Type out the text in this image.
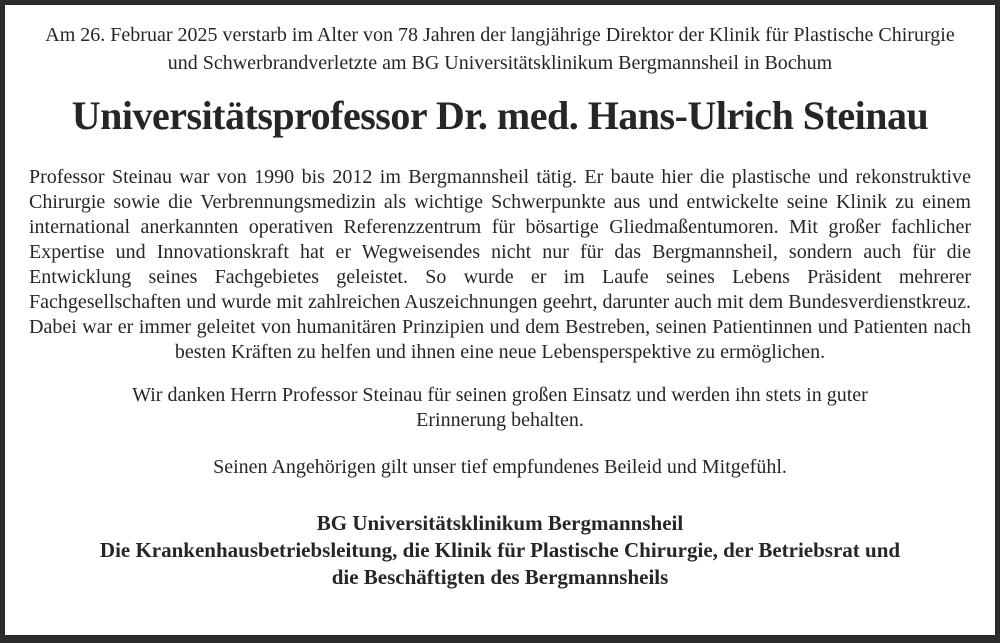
Am 26. Februar 2025 verstarb im Alter von 78 Jahren der langjährige Direktor der Klinik für Plastische Chirurgie und Schwerbrandverletzte am BG Universitätsklinikum Bergmannsheil in Bochum

Universitätsprofessor Dr. med. Hans-Ulrich Steinau

Professor Steinau war von 1990 bis 2012 im Bergmannsheil tätig. Er baute hier die plastische und rekonstruktive Chirurgie sowie die Verbrennungsmedizin als wichtige Schwerpunkte aus und entwickelte seine Klinik zu einem international anerkannten operativen Referenzzentrum für bösartige Gliedmaßentumoren. Mit großer fachlicher Expertise und Innovationskraft hat er Wegweisendes nicht nur für das Bergmannsheil, sondern auch für die Entwicklung seines Fachgebietes geleistet. So wurde er im Laufe seines Lebens Präsident mehrerer Fachgesellschaften und wurde mit zahlreichen Auszeichnungen geehrt, darunter auch mit dem Bundesverdienstkreuz. Dabei war er immer geleitet von humanitären Prinzipien und dem Bestreben, seinen Patientinnen und Patienten nach besten Kräften zu helfen und ihnen eine neue Lebensperspektive zu ermöglichen.

Wir danken Herrn Professor Steinau für seinen großen Einsatz und werden ihn stets in guter Erinnerung behalten.

Seinen Angehörigen gilt unser tief empfundenes Beileid und Mitgefühl.

BG Universitätsklinikum Bergmannsheil
Die Krankenhausbetriebsleitung, die Klinik für Plastische Chirurgie, der Betriebsrat und
die Beschäftigten des Bergmannsheils
